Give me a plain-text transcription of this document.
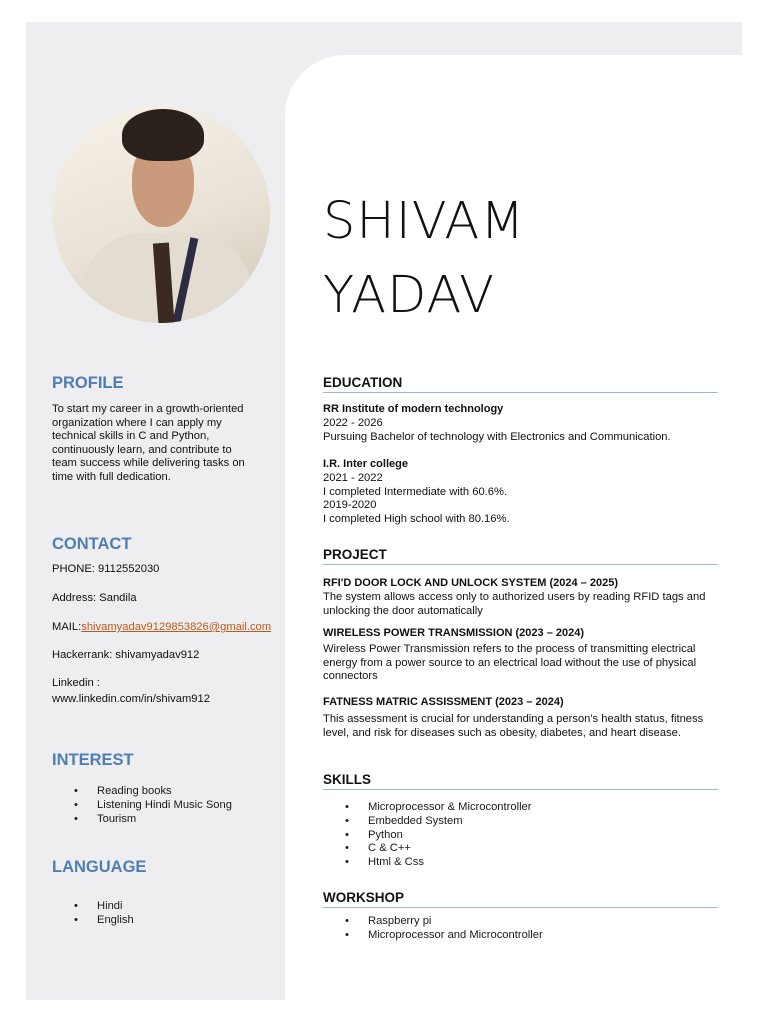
SHIVAM
YADAV
PROFILE

To start my career in a growth-oriented organization where I can apply my technical skills in C and Python, continuously learn, and contribute to team success while delivering tasks on time with full dedication.

CONTACT

PHONE: 9112552030

Address: Sandila

MAIL:shivamyadav9129853826@gmail.com

Hackerrank: shivamyadav912

Linkedin :

www.linkedin.com/in/shivam912

INTEREST
• Reading books
• Listening Hindi Music Song
• Tourism
LANGUAGE
• Hindi
• English
EDUCATION

RR Institute of modern technology

2022 - 2026

Pursuing Bachelor of technology with Electronics and Communication.

I.R. Inter college

2021 - 2022

I completed Intermediate with 60.6%.

2019-2020

I completed High school with 80.16%.

PROJECT

RFI'D DOOR LOCK AND UNLOCK SYSTEM (2024 – 2025)

The system allows access only to authorized users by reading RFID tags and unlocking the door automatically

WIRELESS POWER TRANSMISSION (2023 – 2024)

Wireless Power Transmission refers to the process of transmitting electrical energy from a power source to an electrical load without the use of physical connectors

FATNESS MATRIC ASSISSMENT (2023 – 2024)

This assessment is crucial for understanding a person's health status, fitness level, and risk for diseases such as obesity, diabetes, and heart disease.

SKILLS
• Microprocessor & Microcontroller
• Embedded System
• Python
• C & C++
• Html & Css
WORKSHOP
• Raspberry pi
• Microprocessor and Microcontroller
